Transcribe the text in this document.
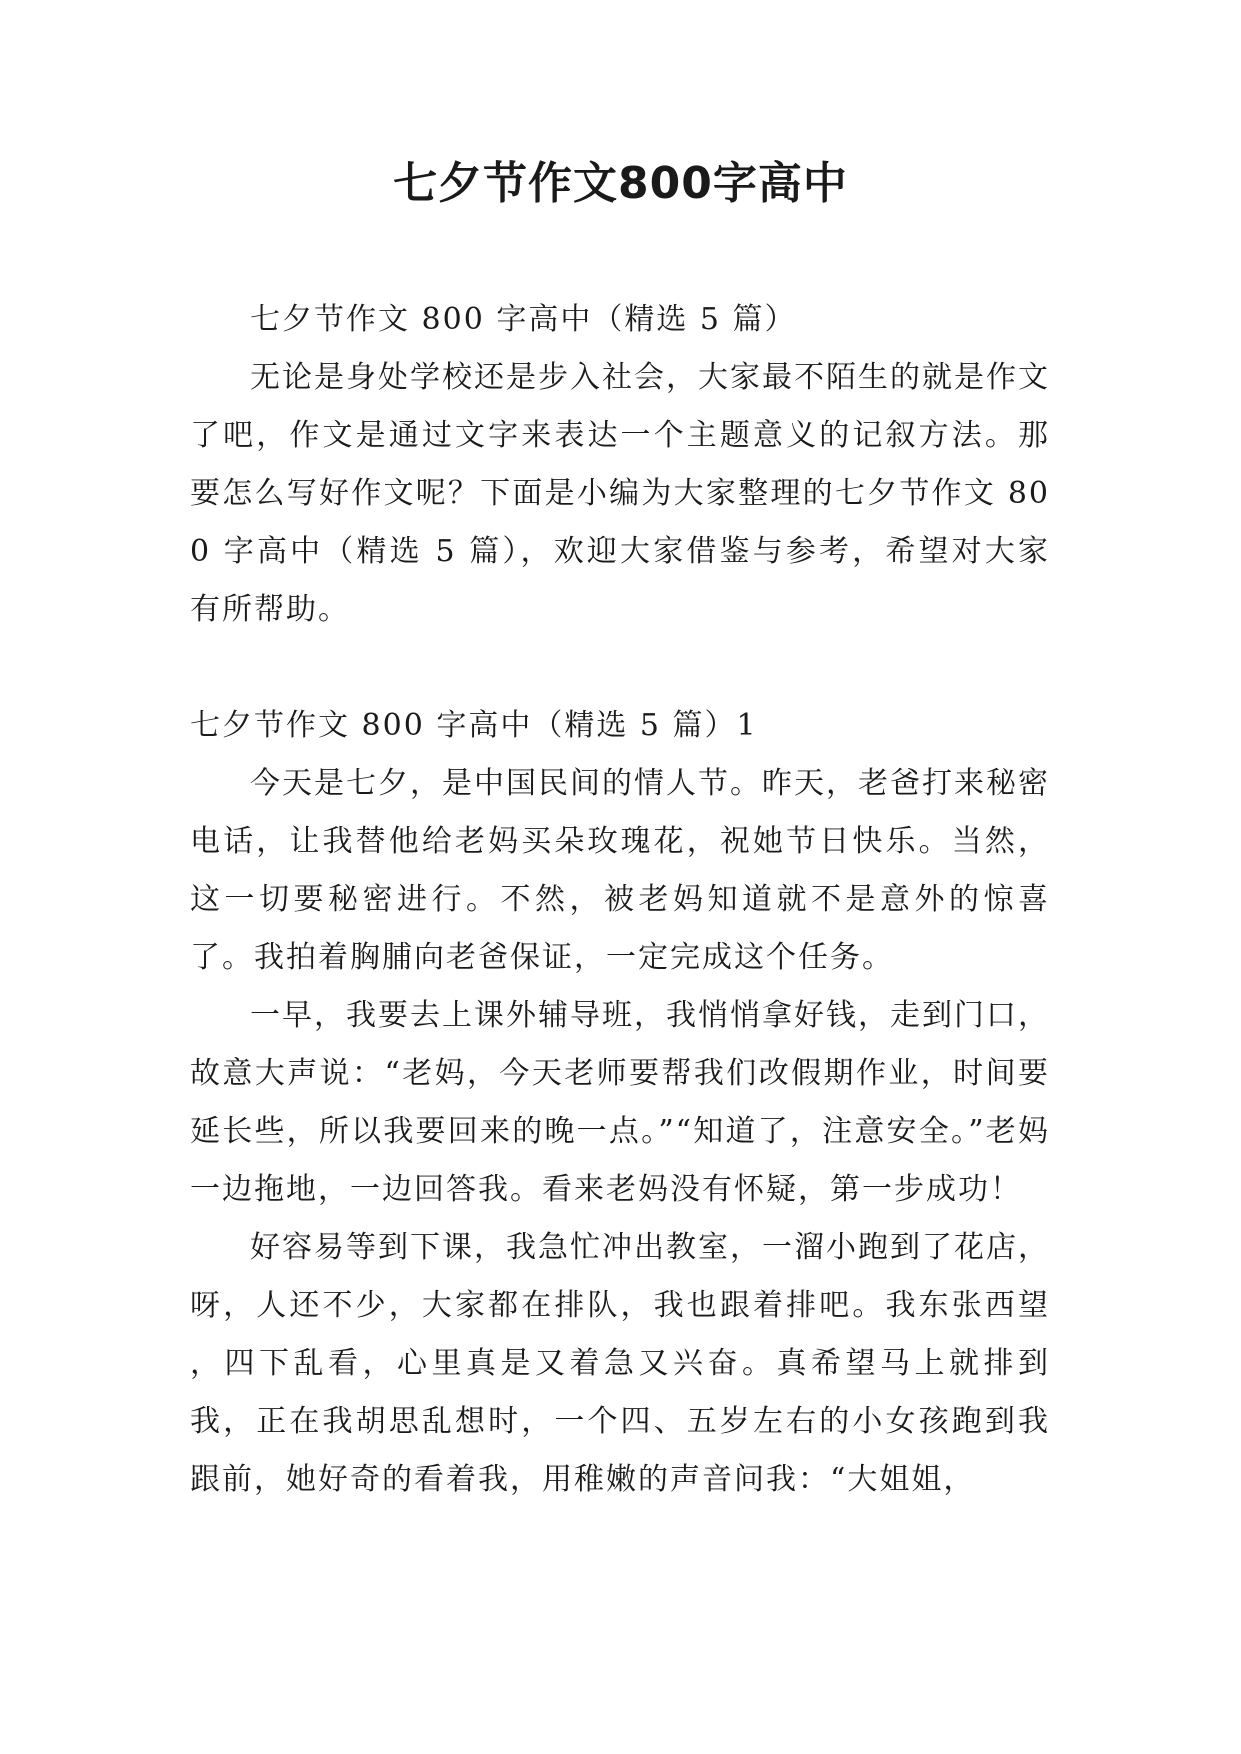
七夕节作文800字高中

七夕节作文 800 字高中（精选 5 篇）

无论是身处学校还是步入社会，大家最不陌生的就是作文了吧，作文是通过文字来表达一个主题意义的记叙方法。那要怎么写好作文呢？下面是小编为大家整理的七夕节作文 800 字高中（精选 5 篇），欢迎大家借鉴与参考，希望对大家有所帮助。

七夕节作文 800 字高中（精选 5 篇）1

今天是七夕，是中国民间的情人节。昨天，老爸打来秘密电话，让我替他给老妈买朵玫瑰花，祝她节日快乐。当然，这一切要秘密进行。不然，被老妈知道就不是意外的惊喜了。我拍着胸脯向老爸保证，一定完成这个任务。

一早，我要去上课外辅导班，我悄悄拿好钱，走到门口，故意大声说：“老妈，今天老师要帮我们改假期作业，时间要延长些，所以我要回来的晚一点。”“知道了，注意安全。”老妈一边拖地，一边回答我。看来老妈没有怀疑，第一步成功！

好容易等到下课，我急忙冲出教室，一溜小跑到了花店，呀，人还不少，大家都在排队，我也跟着排吧。我东张西望 ，四下乱看，心里真是又着急又兴奋。真希望马上就排到我，正在我胡思乱想时，一个四、五岁左右的小女孩跑到我跟前，她好奇的看着我，用稚嫩的声音问我：“大姐姐，
